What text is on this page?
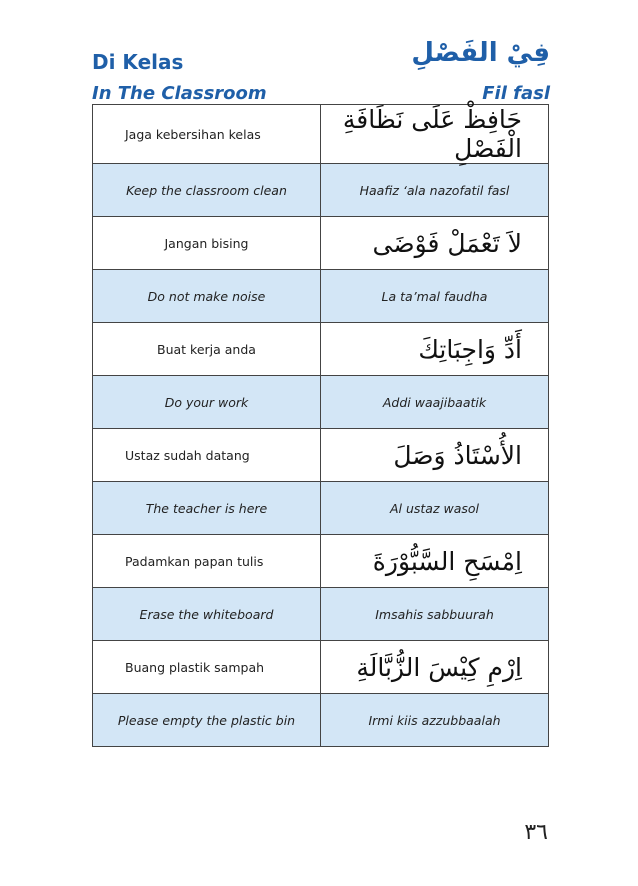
Di Kelas	فِيْ الفَصْلِ
In The Classroom	Fil fasl
Jaga kebersihan kelas	حَافِظْ عَلَى نَظَافَةِ الْفَصْلِ
Keep the classroom clean	Haafiz ‘ala nazofatil fasl
Jangan bising	لاَ تَعْمَلْ فَوْضَى
Do not make noise	La ta’mal faudha
Buat kerja anda	أَدِّ وَاجِبَاتِكَ
Do your work	Addi waajibaatik
Ustaz sudah datang	الأُسْتَاذُ وَصَلَ
The teacher is here	Al ustaz wasol
Padamkan papan tulis	اِمْسَحِ السَّبُّوْرَةَ
Erase the whiteboard	Imsahis sabbuurah
Buang plastik sampah	اِرْمِ كِيْسَ الزُّبَّالَةِ
Please empty the plastic bin	Irmi kiis azzubbaalah
٣٦
